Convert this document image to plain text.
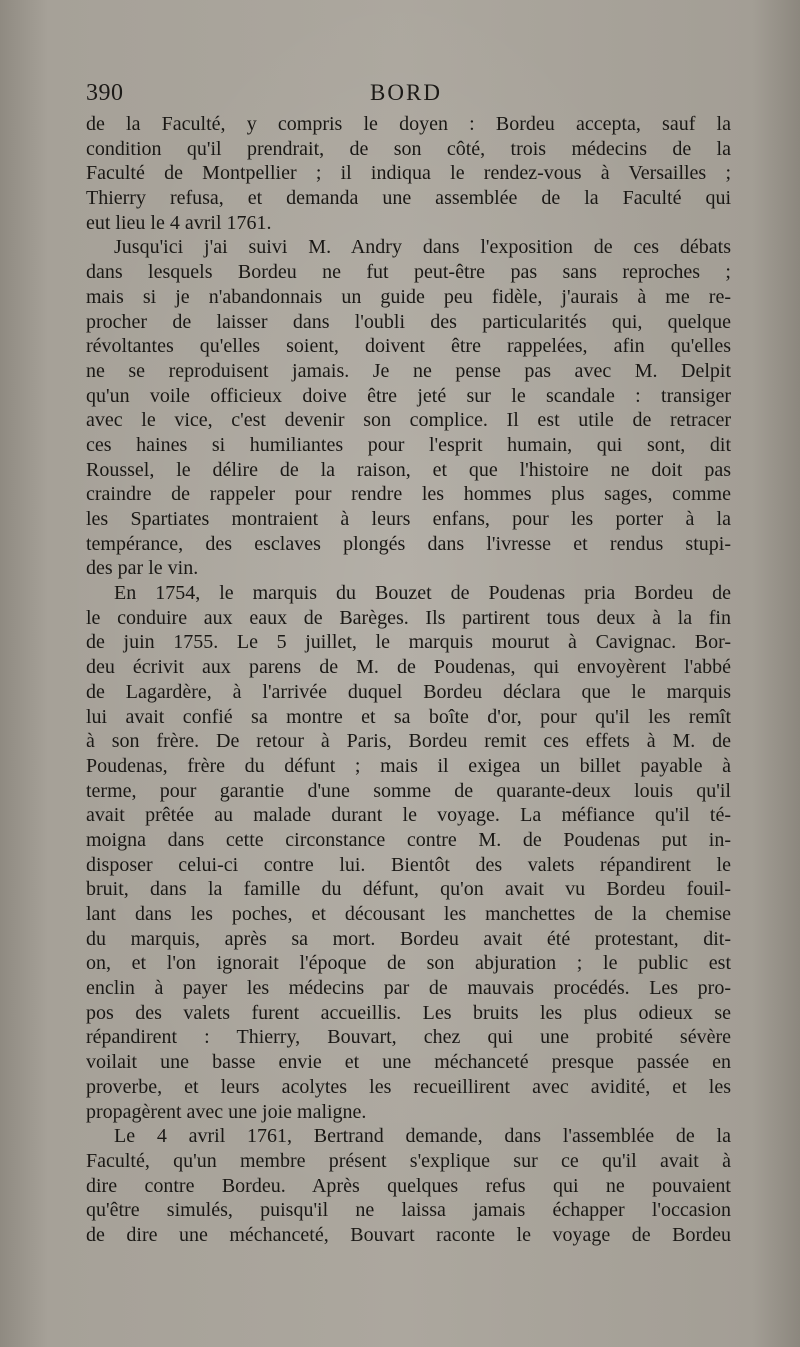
390	BORD
de la Faculté, y compris le doyen : Bordeu accepta, sauf la
condition qu'il prendrait, de son côté, trois médecins de la
Faculté de Montpellier ; il indiqua le rendez-vous à Versailles ;
Thierry refusa, et demanda une assemblée de la Faculté qui
eut lieu le 4 avril 1761.
Jusqu'ici j'ai suivi M. Andry dans l'exposition de ces débats
dans lesquels Bordeu ne fut peut-être pas sans reproches ;
mais si je n'abandonnais un guide peu fidèle, j'aurais à me re-
procher de laisser dans l'oubli des particularités qui, quelque
révoltantes qu'elles soient, doivent être rappelées, afin qu'elles
ne se reproduisent jamais. Je ne pense pas avec M. Delpit
qu'un voile officieux doive être jeté sur le scandale : transiger
avec le vice, c'est devenir son complice. Il est utile de retracer
ces haines si humiliantes pour l'esprit humain, qui sont, dit
Roussel, le délire de la raison, et que l'histoire ne doit pas
craindre de rappeler pour rendre les hommes plus sages, comme
les Spartiates montraient à leurs enfans, pour les porter à la
tempérance, des esclaves plongés dans l'ivresse et rendus stupi-
des par le vin.
En 1754, le marquis du Bouzet de Poudenas pria Bordeu de
le conduire aux eaux de Barèges. Ils partirent tous deux à la fin
de juin 1755. Le 5 juillet, le marquis mourut à Cavignac. Bor-
deu écrivit aux parens de M. de Poudenas, qui envoyèrent l'abbé
de Lagardère, à l'arrivée duquel Bordeu déclara que le marquis
lui avait confié sa montre et sa boîte d'or, pour qu'il les remît
à son frère. De retour à Paris, Bordeu remit ces effets à M. de
Poudenas, frère du défunt ; mais il exigea un billet payable à
terme, pour garantie d'une somme de quarante-deux louis qu'il
avait prêtée au malade durant le voyage. La méfiance qu'il té-
moigna dans cette circonstance contre M. de Poudenas put in-
disposer celui-ci contre lui. Bientôt des valets répandirent le
bruit, dans la famille du défunt, qu'on avait vu Bordeu fouil-
lant dans les poches, et décousant les manchettes de la chemise
du marquis, après sa mort. Bordeu avait été protestant, dit-
on, et l'on ignorait l'époque de son abjuration ; le public est
enclin à payer les médecins par de mauvais procédés. Les pro-
pos des valets furent accueillis. Les bruits les plus odieux se
répandirent : Thierry, Bouvart, chez qui une probité sévère
voilait une basse envie et une méchanceté presque passée en
proverbe, et leurs acolytes les recueillirent avec avidité, et les
propagèrent avec une joie maligne.
Le 4 avril 1761, Bertrand demande, dans l'assemblée de la
Faculté, qu'un membre présent s'explique sur ce qu'il avait à
dire contre Bordeu. Après quelques refus qui ne pouvaient
qu'être simulés, puisqu'il ne laissa jamais échapper l'occasion
de dire une méchanceté, Bouvart raconte le voyage de Bordeu
